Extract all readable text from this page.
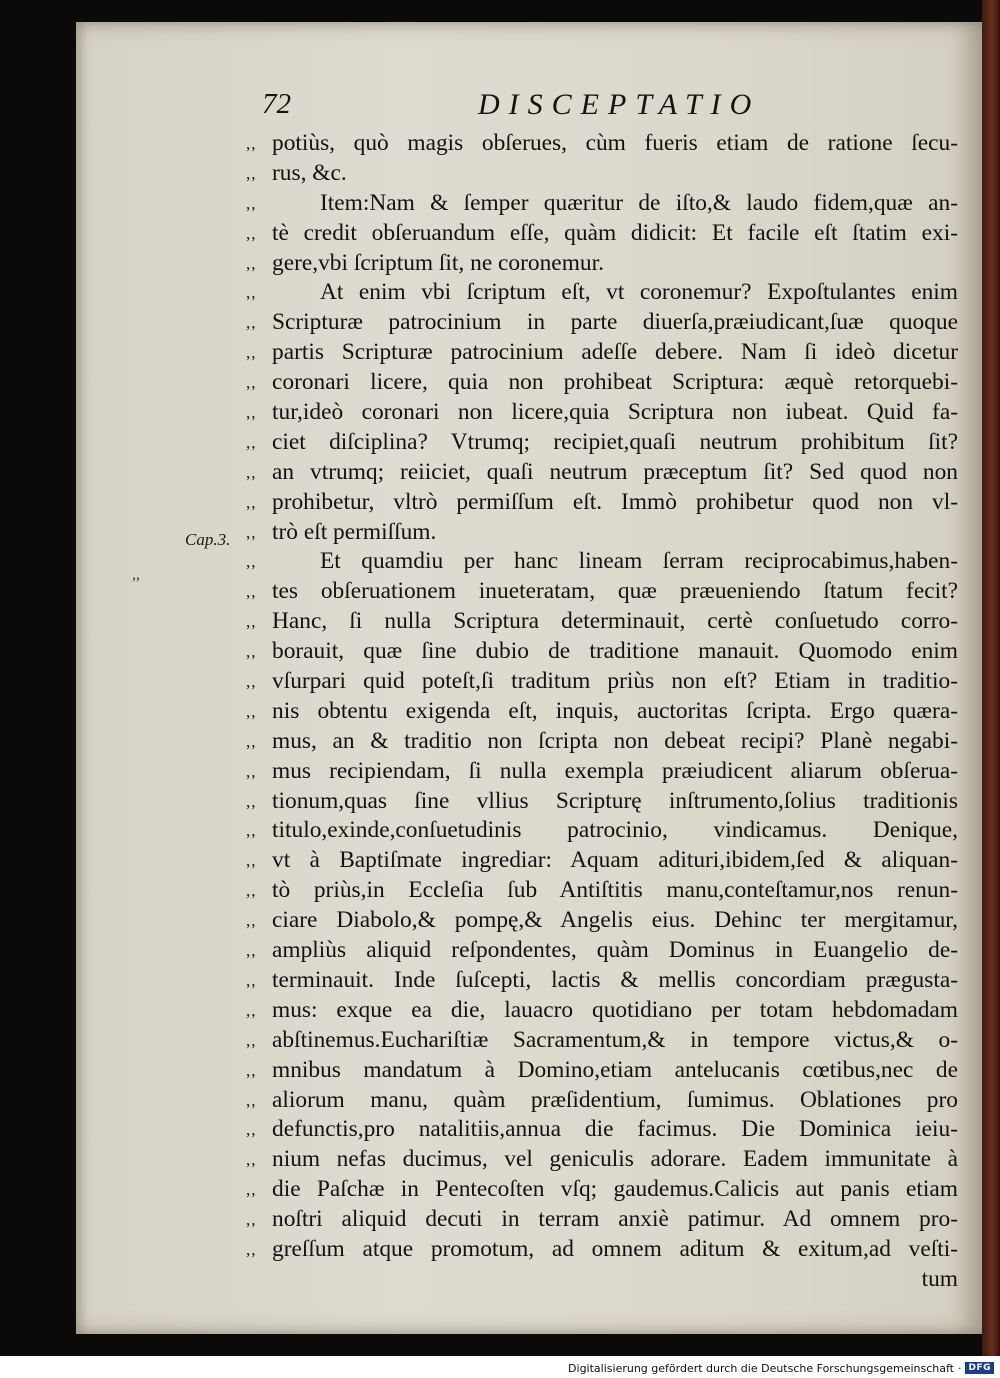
72	DISCEPTATIO
Cap.3.
,,
,, potiùs, quò magis obſerues, cùm fueris etiam de ratione ſecu-
,, rus, &c.
,,	Item:Nam & ſemper quæritur de iſto,& laudo fidem,quæ an-
,, tè credit obſeruandum eſſe, quàm didicit: Et facile eſt ſtatim exi-
,, gere,vbi ſcriptum ſit, ne coronemur.
,,	At enim vbi ſcriptum eſt, vt coronemur? Expoſtulantes enim
,, Scripturæ patrocinium in parte diuerſa,præiudicant,ſuæ quoque
,, partis Scripturæ patrocinium adeſſe debere. Nam ſi ideò dicetur
,, coronari licere, quia non prohibeat Scriptura: æquè retorquebi-
,, tur,ideò coronari non licere,quia Scriptura non iubeat. Quid fa-
,, ciet diſciplina? Vtrumq; recipiet,quaſi neutrum prohibitum ſit?
,, an vtrumq; reiiciet, quaſi neutrum præceptum ſit? Sed quod non
,, prohibetur, vltrò permiſſum eſt. Immò prohibetur quod non vl-
,, trò eſt permiſſum.
,,	Et quamdiu per hanc lineam ſerram reciprocabimus,haben-
,, tes obſeruationem inueteratam, quæ præueniendo ſtatum fecit?
,, Hanc, ſi nulla Scriptura determinauit, certè conſuetudo corro-
,, borauit, quæ ſine dubio de traditione manauit. Quomodo enim
,, vſurpari quid poteſt,ſi traditum priùs non eſt? Etiam in traditio-
,, nis obtentu exigenda eſt, inquis, auctoritas ſcripta. Ergo quæra-
,, mus, an & traditio non ſcripta non debeat recipi? Planè negabi-
,, mus recipiendam, ſi nulla exempla præiudicent aliarum obſerua-
,, tionum,quas ſine vllius Scripturę inſtrumento,ſolius traditionis
,, titulo,exinde,conſuetudinis patrocinio, vindicamus. Denique,
,, vt à Baptiſmate ingrediar: Aquam adituri,ibidem,ſed & aliquan-
,, tò priùs,in Eccleſia ſub Antiſtitis manu,conteſtamur,nos renun-
,, ciare Diabolo,& pompę,& Angelis eius. Dehinc ter mergitamur,
,, ampliùs aliquid reſpondentes, quàm Dominus in Euangelio de-
,, terminauit. Inde ſuſcepti, lactis & mellis concordiam prægusta-
,, mus: exque ea die, lauacro quotidiano per totam hebdomadam
,, abſtinemus.Euchariſtiæ Sacramentum,& in tempore victus,& o-
,, mnibus mandatum à Domino,etiam antelucanis cœtibus,nec de
,, aliorum manu, quàm præſidentium, ſumimus. Oblationes pro
,, defunctis,pro natalitiis,annua die facimus. Die Dominica ieiu-
,, nium nefas ducimus, vel geniculis adorare. Eadem immunitate à
,, die Paſchæ in Pentecoſten vſq; gaudemus.Calicis aut panis etiam
,, noſtri aliquid decuti in terram anxiè patimur. Ad omnem pro-
,, greſſum atque promotum, ad omnem aditum & exitum,ad veſti-
tum
Digitalisierung gefördert durch die Deutsche Forschungsgemeinschaft · DFG
